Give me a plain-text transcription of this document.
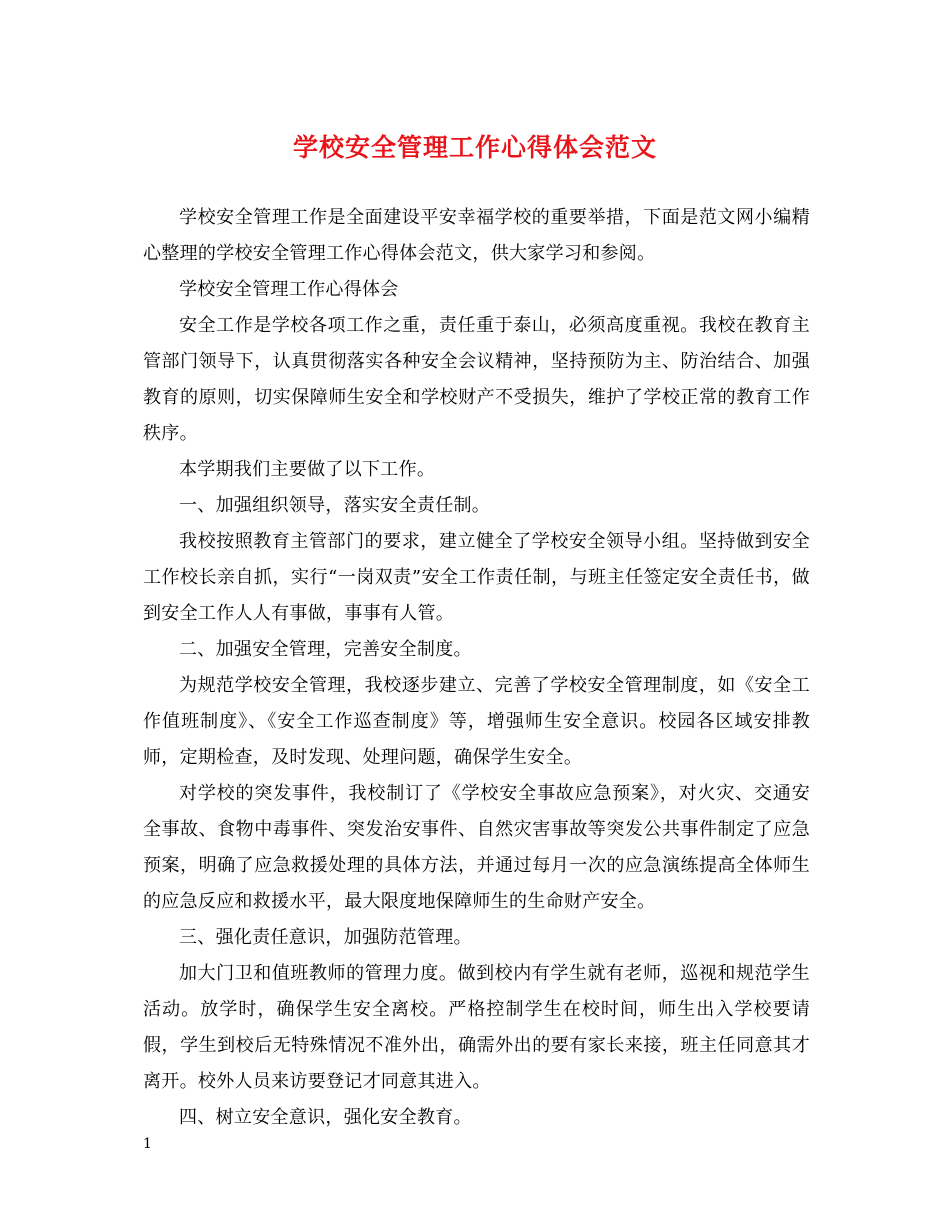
学校安全管理工作心得体会范文

学校安全管理工作是全面建设平安幸福学校的重要举措，下面是范文网小编精心整理的学校安全管理工作心得体会范文，供大家学习和参阅。

学校安全管理工作心得体会

安全工作是学校各项工作之重，责任重于泰山，必须高度重视。我校在教育主管部门领导下，认真贯彻落实各种安全会议精神，坚持预防为主、防治结合、加强教育的原则，切实保障师生安全和学校财产不受损失，维护了学校正常的教育工作秩序。

本学期我们主要做了以下工作。

一、加强组织领导，落实安全责任制。

我校按照教育主管部门的要求，建立健全了学校安全领导小组。坚持做到安全工作校长亲自抓，实行“一岗双责”安全工作责任制，与班主任签定安全责任书，做到安全工作人人有事做，事事有人管。

二、加强安全管理，完善安全制度。

为规范学校安全管理，我校逐步建立、完善了学校安全管理制度，如《安全工作值班制度》、《安全工作巡查制度》等，增强师生安全意识。校园各区域安排教师，定期检查，及时发现、处理问题，确保学生安全。

对学校的突发事件，我校制订了《学校安全事故应急预案》，对火灾、交通安全事故、食物中毒事件、突发治安事件、自然灾害事故等突发公共事件制定了应急预案，明确了应急救援处理的具体方法，并通过每月一次的应急演练提高全体师生的应急反应和救援水平，最大限度地保障师生的生命财产安全。

三、强化责任意识，加强防范管理。

加大门卫和值班教师的管理力度。做到校内有学生就有老师，巡视和规范学生活动。放学时，确保学生安全离校。严格控制学生在校时间，师生出入学校要请假，学生到校后无特殊情况不准外出，确需外出的要有家长来接，班主任同意其才离开。校外人员来访要登记才同意其进入。

四、树立安全意识，强化安全教育。

1
